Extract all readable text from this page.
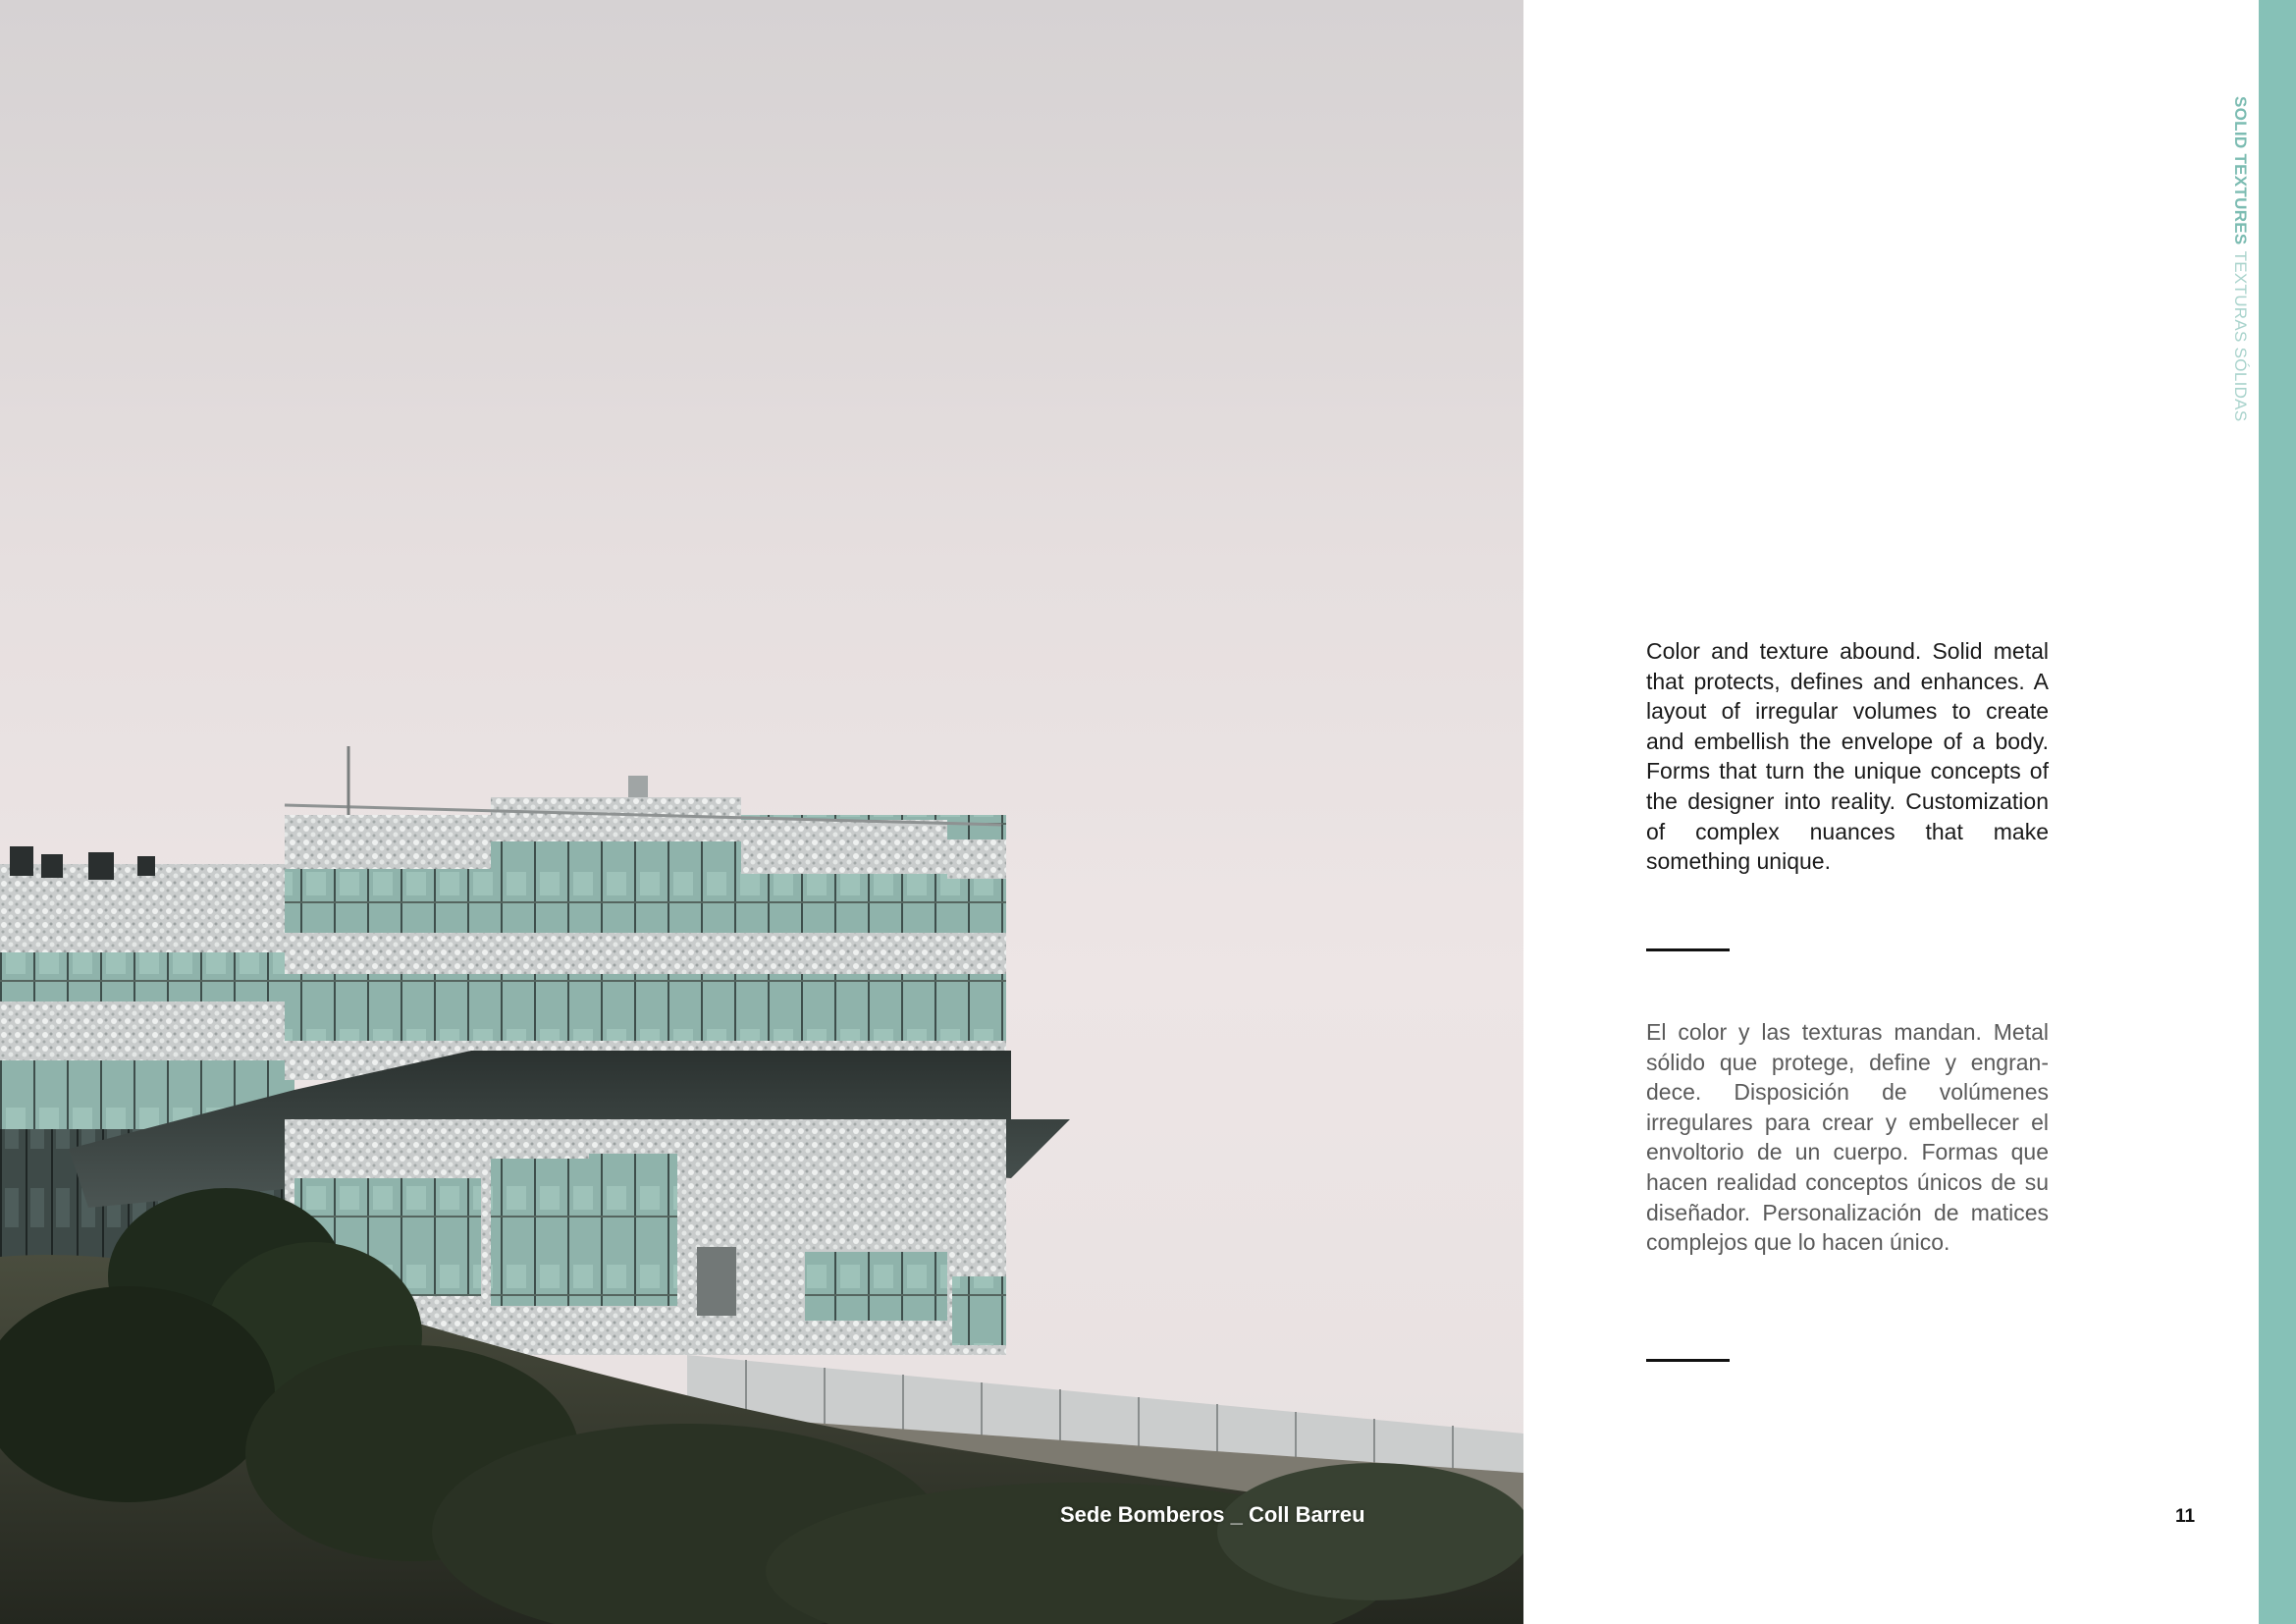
Sede Bomberos _ Coll Barreu
SOLID TEXTURESTEXTURAS SÓLIDAS
Color and texture abound. Solid metal that protects, defines and enhances. A layout of irregular volumes to create and embellish the envelope of a body. Forms that turn the unique concepts of the designer into reality. Customization of complex nuances that make something unique.
El color y las texturas mandan. Metal sólido que protege, define y engrandece. Disposición de volúmenes irregulares para crear y embellecer el envoltorio de un cuerpo. Formas que hacen realidad conceptos únicos de su diseñador. Personalización de matices complejos que lo hacen único.
11
